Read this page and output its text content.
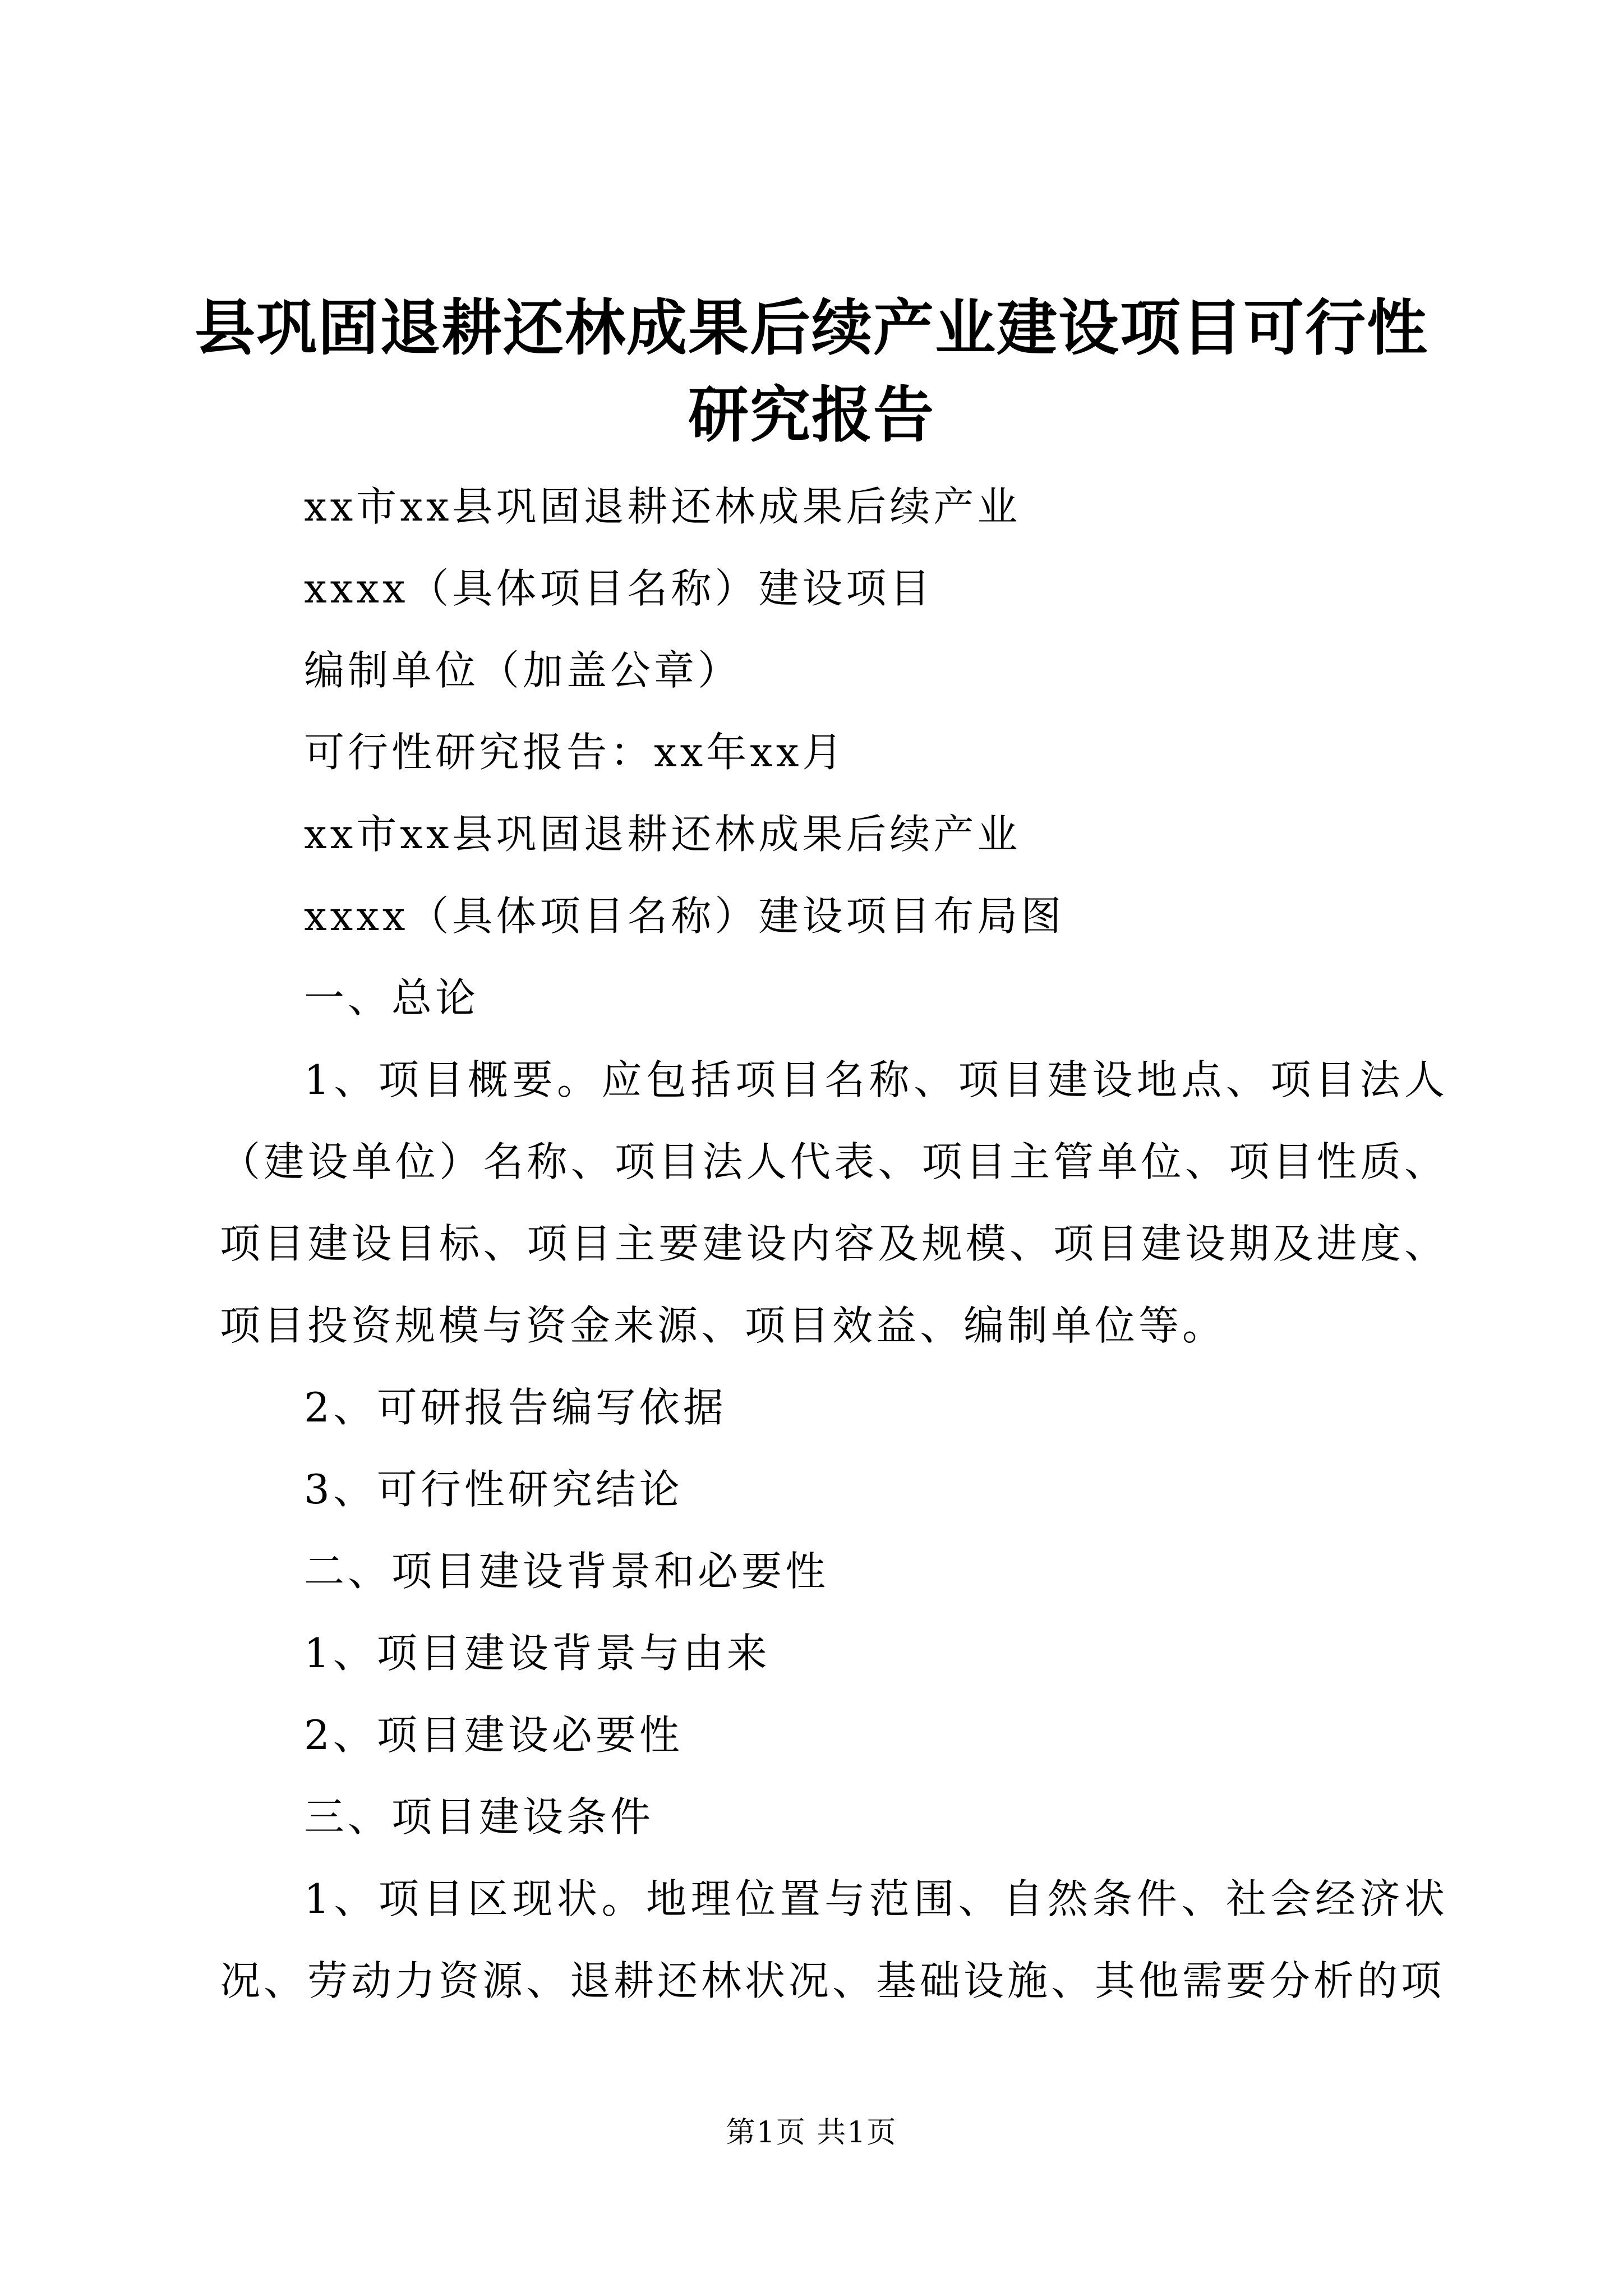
县巩固退耕还林成果后续产业建设项目可行性
研究报告

xx市xx县巩固退耕还林成果后续产业

xxxx（具体项目名称）建设项目

编制单位（加盖公章）

可行性研究报告：xx年xx月

xx市xx县巩固退耕还林成果后续产业

xxxx（具体项目名称）建设项目布局图

一、总论

1、项目概要。应包括项目名称、项目建设地点、项目法人（建设单位）名称、项目法人代表、项目主管单位、项目性质、项目建设目标、项目主要建设内容及规模、项目建设期及进度、项目投资规模与资金来源、项目效益、编制单位等。

2、可研报告编写依据

3、可行性研究结论

二、项目建设背景和必要性

1、项目建设背景与由来

2、项目建设必要性

三、项目建设条件

1、项目区现状。地理位置与范围、自然条件、社会经济状况、劳动力资源、退耕还林状况、基础设施、其他需要分析的项

第1页 共1页
